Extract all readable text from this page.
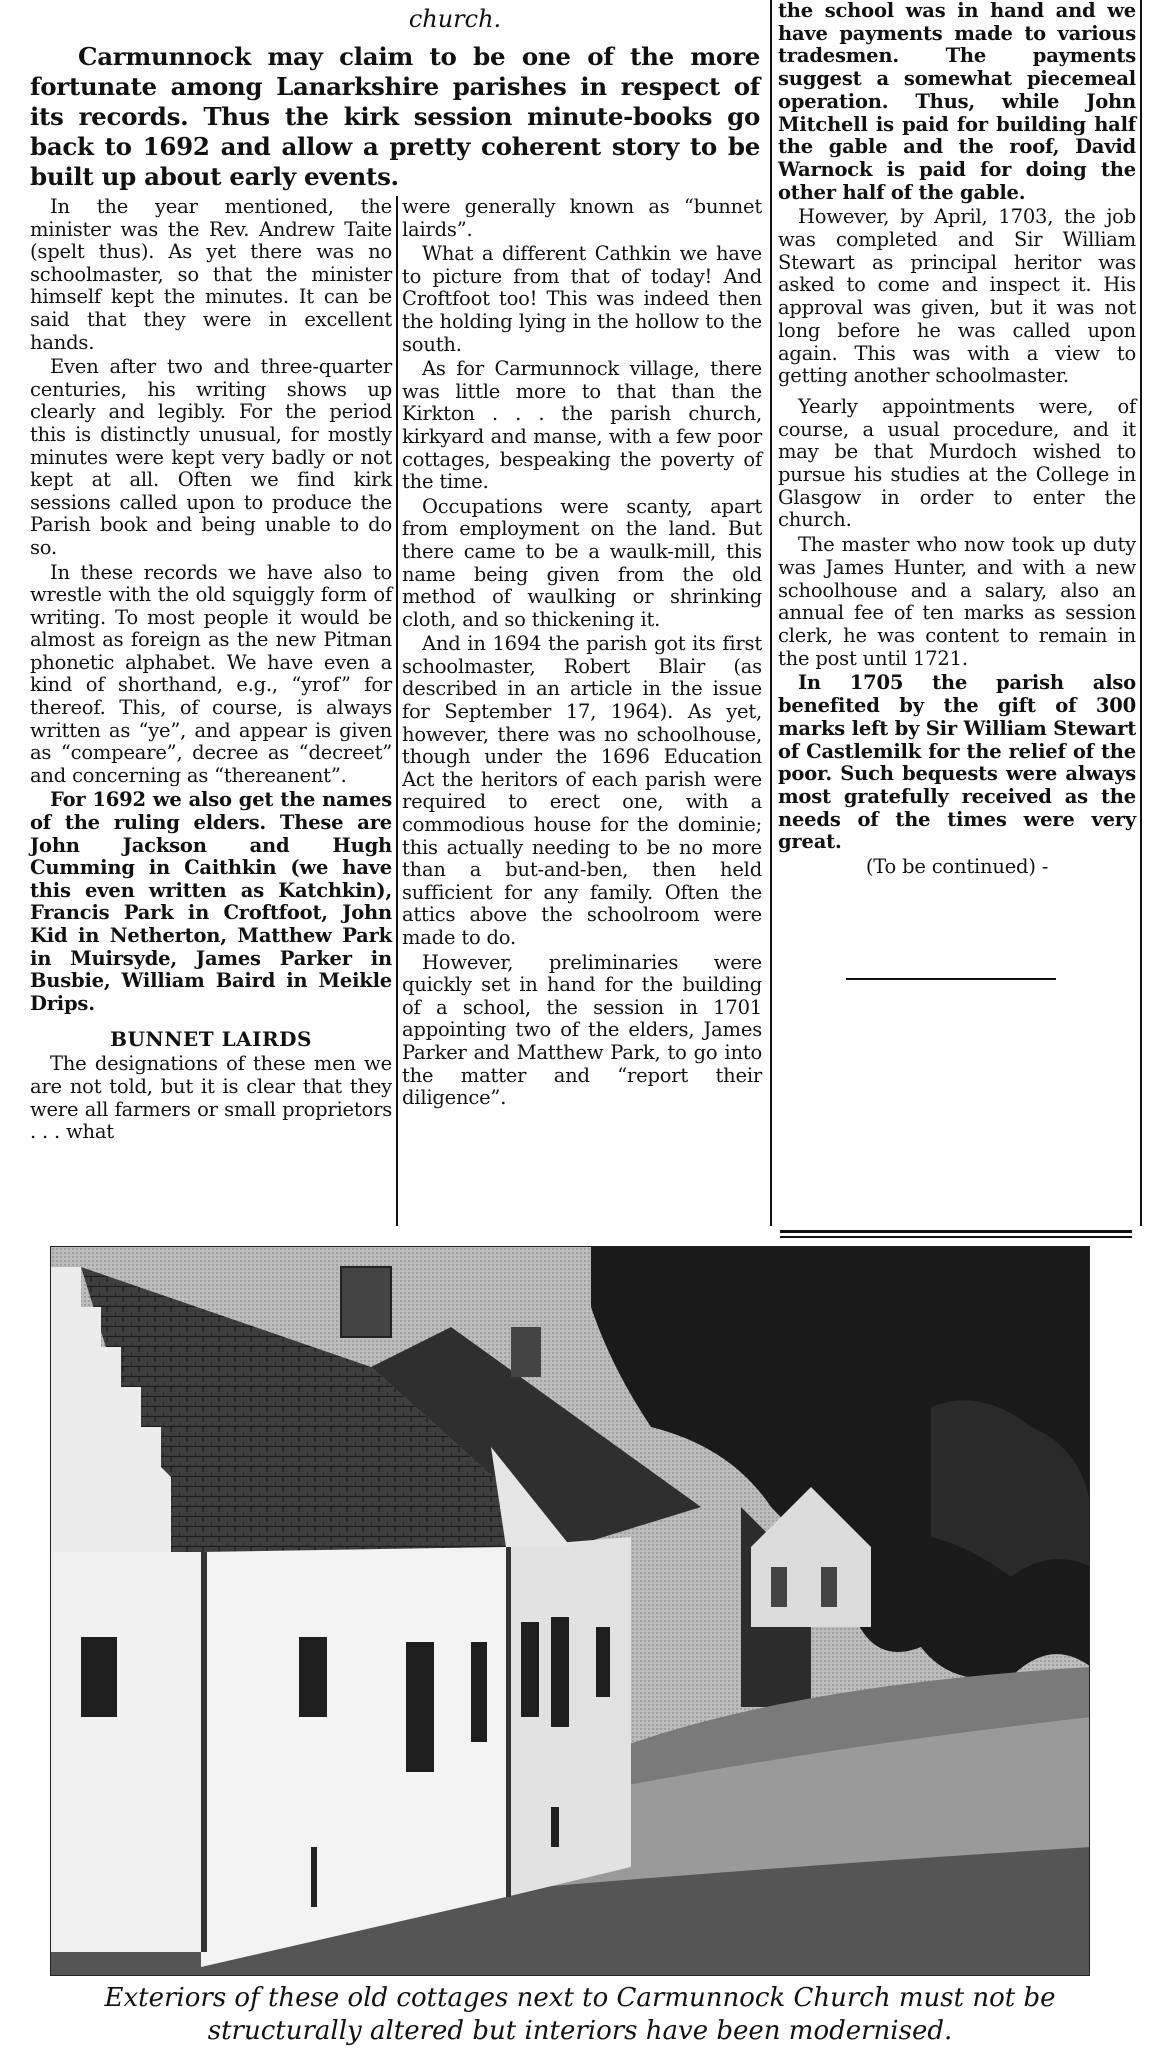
church.
Carmunnock may claim to be one of the more fortunate among Lanarkshire parishes in respect of its records. Thus the kirk session minute-books go back to 1692 and allow a pretty coherent story to be built up about early events.

In the year mentioned, the minister was the Rev. Andrew Taite (spelt thus). As yet there was no schoolmaster, so that the minister himself kept the minutes. It can be said that they were in excellent hands.

Even after two and three-quarter centuries, his writing shows up clearly and legibly. For the period this is distinctly unusual, for mostly minutes were kept very badly or not kept at all. Often we find kirk sessions called upon to produce the Parish book and being unable to do so.

In these records we have also to wrestle with the old squiggly form of writing. To most people it would be almost as foreign as the new Pitman phonetic alphabet. We have even a kind of shorthand, e.g., “yrof” for thereof. This, of course, is always written as “ye”, and appear is given as “compeare”, decree as “decreet” and concerning as “thereanent”.

For 1692 we also get the names of the ruling elders. These are John Jackson and Hugh Cumming in Caithkin (we have this even written as Katchkin), Francis Park in Croftfoot, John Kid in Netherton, Matthew Park in Muirsyde, James Parker in Busbie, William Baird in Meikle Drips.

BUNNET LAIRDS

The designations of these men we are not told, but it is clear that they were all farmers or small proprietors . . . what

were generally known as “bunnet lairds”.

What a different Cathkin we have to picture from that of today! And Croftfoot too! This was indeed then the holding lying in the hollow to the south.

As for Carmunnock village, there was little more to that than the Kirkton . . . the parish church, kirkyard and manse, with a few poor cottages, bespeaking the poverty of the time.

Occupations were scanty, apart from employment on the land. But there came to be a waulk-mill, this name being given from the old method of waulking or shrinking cloth, and so thickening it.

And in 1694 the parish got its first schoolmaster, Robert Blair (as described in an article in the issue for September 17, 1964). As yet, however, there was no schoolhouse, though under the 1696 Education Act the heritors of each parish were required to erect one, with a commodious house for the dominie; this actually needing to be no more than a but-and-ben, then held sufficient for any family. Often the attics above the schoolroom were made to do.

However, preliminaries were quickly set in hand for the building of a school, the session in 1701 appointing two of the elders, James Parker and Matthew Park, to go into the matter and “report their diligence”.

the school was in hand and we have payments made to various tradesmen. The payments suggest a somewhat piecemeal operation. Thus, while John Mitchell is paid for building half the gable and the roof, David Warnock is paid for doing the other half of the gable.

However, by April, 1703, the job was completed and Sir William Stewart as principal heritor was asked to come and inspect it. His approval was given, but it was not long before he was called upon again. This was with a view to getting another schoolmaster.

Yearly appointments were, of course, a usual procedure, and it may be that Murdoch wished to pursue his studies at the College in Glasgow in order to enter the church.

The master who now took up duty was James Hunter, and with a new schoolhouse and a salary, also an annual fee of ten marks as session clerk, he was content to remain in the post until 1721.

In 1705 the parish also benefited by the gift of 300 marks left by Sir William Stewart of Castlemilk for the relief of the poor. Such bequests were always most gratefully received as the needs of the times were very great.

(To be continued) -

Exteriors of these old cottages next to Carmunnock Church must not be structurally altered but interiors have been modernised.
